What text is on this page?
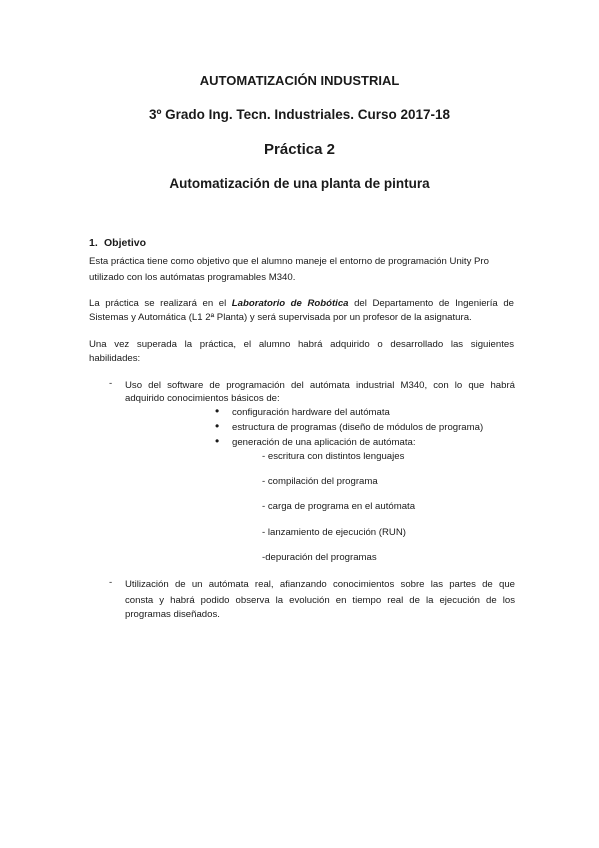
AUTOMATIZACIÓN INDUSTRIAL
3º Grado Ing. Tecn. Industriales. Curso 2017-18
Práctica 2
Automatización de una planta de pintura
1. Objetivo
Esta práctica tiene como objetivo que el alumno maneje el entorno de programación Unity Pro
utilizado con los autómatas programables M340.
La práctica se realizará en el Laboratorio de Robótica del Departamento de Ingeniería de
Sistemas y Automática (L1 2ª Planta) y será supervisada por un profesor de la asignatura.
Una vez superada la práctica, el alumno habrá adquirido o desarrollado las siguientes
habilidades:
- Uso del software de programación del autómata industrial M340, con lo que habrá
adquirido conocimientos básicos de:
• configuración hardware del autómata
• estructura de programas (diseño de módulos de programa)
• generación de una aplicación de autómata:
- escritura con distintos lenguajes
- compilación del programa
- carga de programa en el autómata
- lanzamiento de ejecución (RUN)
-depuración del programas
- Utilización de un autómata real, afianzando conocimientos sobre las partes de que
consta y habrá podido observa la evolución en tiempo real de la ejecución de los
programas diseñados.
